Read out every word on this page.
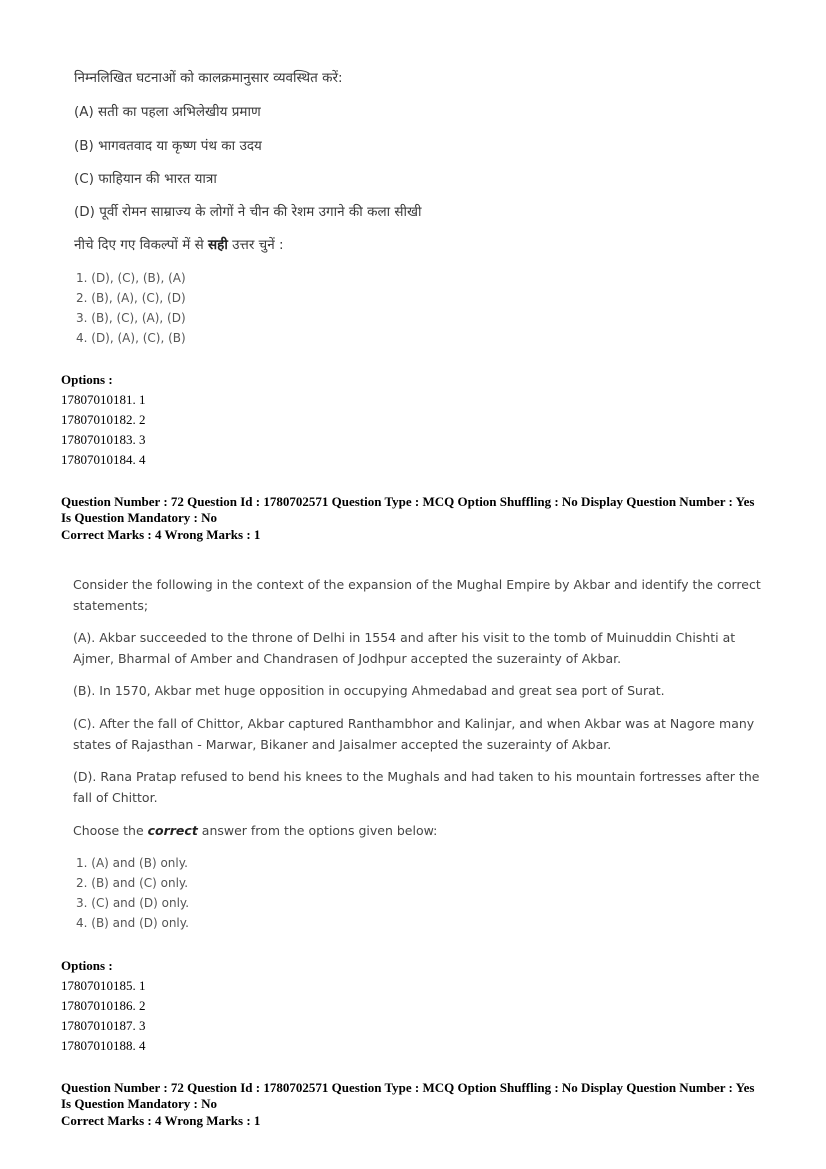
निम्नलिखित घटनाओं को कालक्रमानुसार व्यवस्थित करें:
(A) सती का पहला अभिलेखीय प्रमाण
(B) भागवतवाद या कृष्ण पंथ का उदय
(C) फाहियान की भारत यात्रा
(D) पूर्वी रोमन साम्राज्य के लोगों ने चीन की रेशम उगाने की कला सीखी
नीचे दिए गए विकल्पों में से सही उत्तर चुनें :
1. (D), (C), (B), (A)
2. (B), (A), (C), (D)
3. (B), (C), (A), (D)
4. (D), (A), (C), (B)
Options :
17807010181. 1
17807010182. 2
17807010183. 3
17807010184. 4
Question Number : 72 Question Id : 1780702571 Question Type : MCQ Option Shuffling : No Display Question Number : Yes
Is Question Mandatory : No
Correct Marks : 4 Wrong Marks : 1
Consider the following in the context of the expansion of the Mughal Empire by Akbar and identify the correct statements;
(A). Akbar succeeded to the throne of Delhi in 1554 and after his visit to the tomb of Muinuddin Chishti at Ajmer, Bharmal of Amber and Chandrasen of Jodhpur accepted the suzerainty of Akbar.
(B). In 1570, Akbar met huge opposition in occupying Ahmedabad and great sea port of Surat.
(C). After the fall of Chittor, Akbar captured Ranthambhor and Kalinjar, and when Akbar was at Nagore many states of Rajasthan - Marwar, Bikaner and Jaisalmer accepted the suzerainty of Akbar.
(D). Rana Pratap refused to bend his knees to the Mughals and had taken to his mountain fortresses after the fall of Chittor.
Choose the correct answer from the options given below:
1. (A) and (B) only.
2. (B) and (C) only.
3. (C) and (D) only.
4. (B) and (D) only.
Options :
17807010185. 1
17807010186. 2
17807010187. 3
17807010188. 4
Question Number : 72 Question Id : 1780702571 Question Type : MCQ Option Shuffling : No Display Question Number : Yes
Is Question Mandatory : No
Correct Marks : 4 Wrong Marks : 1
